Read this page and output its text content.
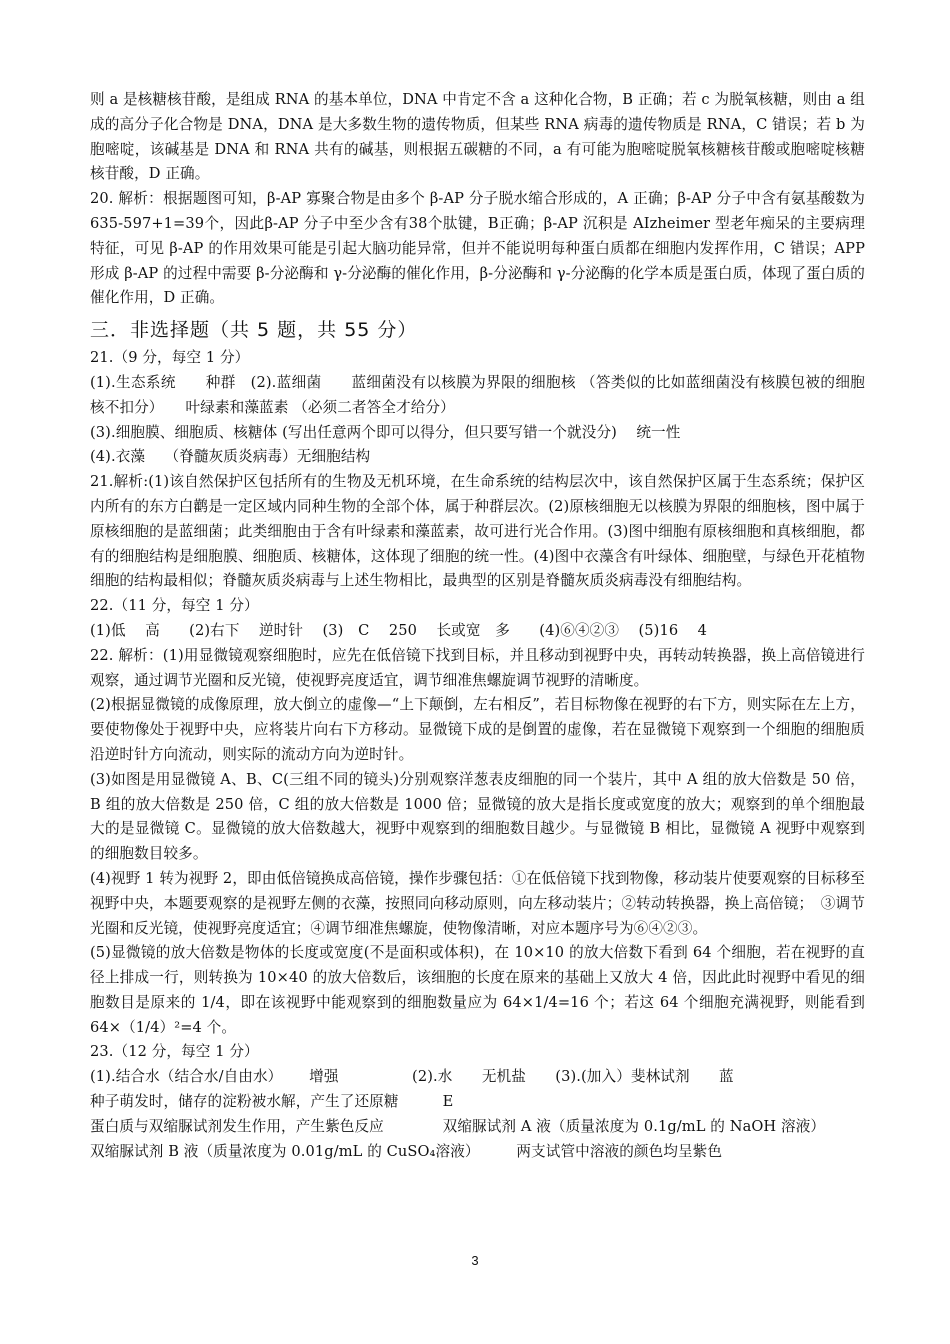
则 a 是核糖核苷酸，是组成 RNA 的基本单位，DNA 中肯定不含 a 这种化合物，B 正确；若 c 为脱氧核糖，则由 a 组成的高分子化合物是 DNA，DNA 是大多数生物的遗传物质，但某些 RNA 病毒的遗传物质是 RNA，C 错误；若 b 为胞嘧啶，该碱基是 DNA 和 RNA 共有的碱基，则根据五碳糖的不同，a 有可能为胞嘧啶脱氧核糖核苷酸或胞嘧啶核糖核苷酸，D 正确。

20. 解析：根据题图可知，β-AP 寡聚合物是由多个 β-AP 分子脱水缩合形成的，A 正确；β-AP 分子中含有氨基酸数为635-597+1=39个，因此β-AP 分子中至少含有38个肽键，B正确；β-AP 沉积是 AIzheimer 型老年痴呆的主要病理特征，可见 β-AP 的作用效果可能是引起大脑功能异常，但并不能说明每种蛋白质都在细胞内发挥作用，C 错误；APP 形成 β-AP 的过程中需要 β-分泌酶和 γ-分泌酶的催化作用，β-分泌酶和 γ-分泌酶的化学本质是蛋白质，体现了蛋白质的催化作用，D 正确。

三．非选择题（共 5 题，共 55 分）

21.（9 分，每空 1 分）

(1).生态系统　　种群　(2).蓝细菌　　蓝细菌没有以核膜为界限的细胞核 （答类似的比如蓝细菌没有核膜包被的细胞核不扣分）　　叶绿素和藻蓝素 （必须二者答全才给分）

(3).细胞膜、细胞质、核糖体 (写出任意两个即可以得分，但只要写错一个就没分)　 统一性

(4).衣藻　 （脊髓灰质炎病毒）无细胞结构

21.解析:(1)该自然保护区包括所有的生物及无机环境，在生命系统的结构层次中，该自然保护区属于生态系统；保护区内所有的东方白鹳是一定区域内同种生物的全部个体，属于种群层次。(2)原核细胞无以核膜为界限的细胞核，图中属于原核细胞的是蓝细菌；此类细胞由于含有叶绿素和藻蓝素，故可进行光合作用。(3)图中细胞有原核细胞和真核细胞，都有的细胞结构是细胞膜、细胞质、核糖体，这体现了细胞的统一性。(4)图中衣藻含有叶绿体、细胞壁，与绿色开花植物细胞的结构最相似；脊髓灰质炎病毒与上述生物相比，最典型的区别是脊髓灰质炎病毒没有细胞结构。

22.（11 分，每空 1 分）

(1)低　 高　　(2)右下　 逆时针　 (3)　C　 250　 长或宽　多　　(4)⑥④②③　 (5)16　 4

22. 解析：(1)用显微镜观察细胞时，应先在低倍镜下找到目标，并且移动到视野中央，再转动转换器，换上高倍镜进行观察，通过调节光圈和反光镜，使视野亮度适宜，调节细准焦螺旋调节视野的清晰度。

(2)根据显微镜的成像原理，放大倒立的虚像—“上下颠倒，左右相反”，若目标物像在视野的右下方，则实际在左上方，要使物像处于视野中央，应将装片向右下方移动。显微镜下成的是倒置的虚像，若在显微镜下观察到一个细胞的细胞质沿逆时针方向流动，则实际的流动方向为逆时针。

(3)如图是用显微镜 A、B、C(三组不同的镜头)分别观察洋葱表皮细胞的同一个装片，其中 A 组的放大倍数是 50 倍，B 组的放大倍数是 250 倍，C 组的放大倍数是 1000 倍；显微镜的放大是指长度或宽度的放大；观察到的单个细胞最大的是显微镜 C。显微镜的放大倍数越大，视野中观察到的细胞数目越少。与显微镜 B 相比，显微镜 A 视野中观察到的细胞数目较多。

(4)视野 1 转为视野 2，即由低倍镜换成高倍镜，操作步骤包括：①在低倍镜下找到物像，移动装片使要观察的目标移至视野中央，本题要观察的是视野左侧的衣藻，按照同向移动原则，向左移动装片；②转动转换器，换上高倍镜；　③调节光圈和反光镜，使视野亮度适宜；④调节细准焦螺旋，使物像清晰，对应本题序号为⑥④②③。

(5)显微镜的放大倍数是物体的长度或宽度(不是面积或体积)，在 10×10 的放大倍数下看到 64 个细胞，若在视野的直径上排成一行，则转换为 10×40 的放大倍数后，该细胞的长度在原来的基础上又放大 4 倍，因此此时视野中看见的细胞数目是原来的 1/4，即在该视野中能观察到的细胞数量应为 64×1/4=16 个；若这 64 个细胞充满视野，则能看到 64×（1/4）²=4 个。

23.（12 分，每空 1 分）

(1).结合水（结合水/自由水）　　 增强　　　　　(2).水　　无机盐　　(3).(加入）斐林试剂　　蓝

种子萌发时，储存的淀粉被水解，产生了还原糖　　　E

蛋白质与双缩脲试剂发生作用，产生紫色反应　　　　双缩脲试剂 A 液（质量浓度为 0.1g/mL 的 NaOH 溶液）

双缩脲试剂 B 液（质量浓度为 0.01g/mL 的 CuSO₄溶液）　　　两支试管中溶液的颜色均呈紫色

3
